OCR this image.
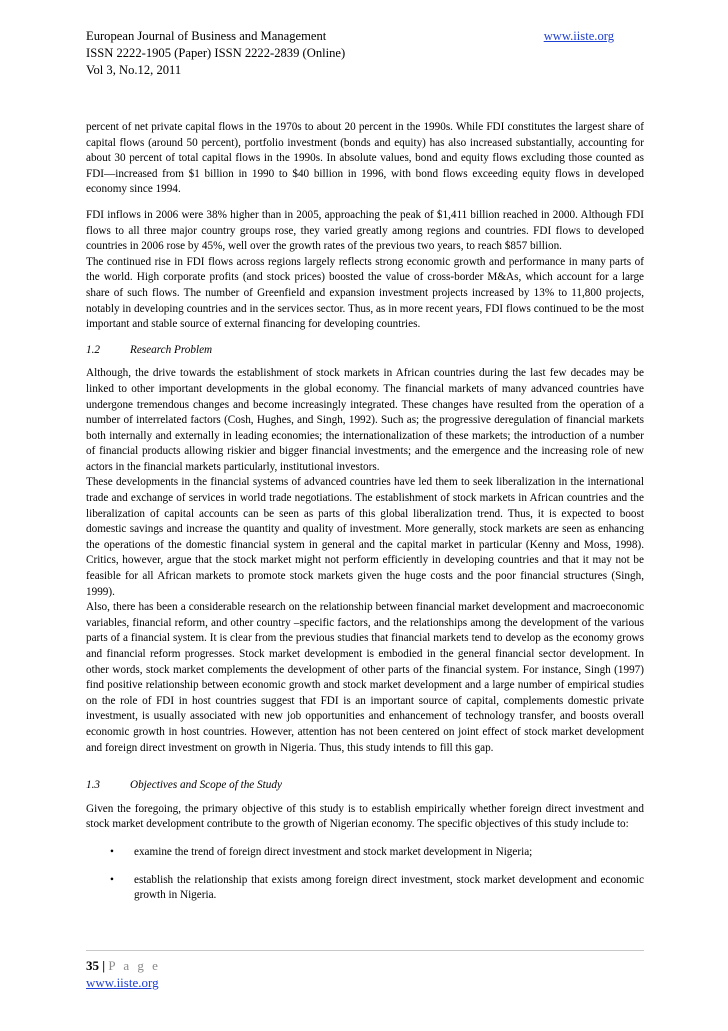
European Journal of Business and Management	www.iiste.org
ISSN 2222-1905 (Paper) ISSN 2222-2839 (Online)
Vol 3, No.12, 2011

percent of net private capital flows in the 1970s to about 20 percent in the 1990s. While FDI constitutes the largest share of capital flows (around 50 percent), portfolio investment (bonds and equity) has also increased substantially, accounting for about 30 percent of total capital flows in the 1990s. In absolute values, bond and equity flows excluding those counted as FDI—increased from $1 billion in 1990 to $40 billion in 1996, with bond flows exceeding equity flows in developed economy since 1994.

FDI inflows in 2006 were 38% higher than in 2005, approaching the peak of $1,411 billion reached in 2000. Although FDI flows to all three major country groups rose, they varied greatly among regions and countries. FDI flows to developed countries in 2006 rose by 45%, well over the growth rates of the previous two years, to reach $857 billion.

The continued rise in FDI flows across regions largely reflects strong economic growth and performance in many parts of the world. High corporate profits (and stock prices) boosted the value of cross-border M&As, which account for a large share of such flows. The number of Greenfield and expansion investment projects increased by 13% to 11,800 projects, notably in developing countries and in the services sector. Thus, as in more recent years, FDI flows continued to be the most important and stable source of external financing for developing countries.

1.2	Research Problem

Although, the drive towards the establishment of stock markets in African countries during the last few decades may be linked to other important developments in the global economy. The financial markets of many advanced countries have undergone tremendous changes and become increasingly integrated. These changes have resulted from the operation of a number of interrelated factors (Cosh, Hughes, and Singh, 1992). Such as; the progressive deregulation of financial markets both internally and externally in leading economies; the internationalization of these markets; the introduction of a number of financial products allowing riskier and bigger financial investments; and the emergence and the increasing role of new actors in the financial markets particularly, institutional investors.

These developments in the financial systems of advanced countries have led them to seek liberalization in the international trade and exchange of services in world trade negotiations. The establishment of stock markets in African countries and the liberalization of capital accounts can be seen as parts of this global liberalization trend. Thus, it is expected to boost domestic savings and increase the quantity and quality of investment. More generally, stock markets are seen as enhancing the operations of the domestic financial system in general and the capital market in particular (Kenny and Moss, 1998). Critics, however, argue that the stock market might not perform efficiently in developing countries and that it may not be feasible for all African markets to promote stock markets given the huge costs and the poor financial structures (Singh, 1999).

Also, there has been a considerable research on the relationship between financial market development and macroeconomic variables, financial reform, and other country –specific factors, and the relationships among the development of the various parts of a financial system. It is clear from the previous studies that financial markets tend to develop as the economy grows and financial reform progresses. Stock market development is embodied in the general financial sector development. In other words, stock market complements the development of other parts of the financial system. For instance, Singh (1997) find positive relationship between economic growth and stock market development and a large number of empirical studies on the role of FDI in host countries suggest that FDI is an important source of capital, complements domestic private investment, is usually associated with new job opportunities and enhancement of technology transfer, and boosts overall economic growth in host countries. However, attention has not been centered on joint effect of stock market development and foreign direct investment on growth in Nigeria. Thus, this study intends to fill this gap.

1.3	Objectives and Scope of the Study

Given the foregoing, the primary objective of this study is to establish empirically whether foreign direct investment and stock market development contribute to the growth of Nigerian economy. The specific objectives of this study include to:

• examine the trend of foreign direct investment and stock market development in Nigeria;
• establish the relationship that exists among foreign direct investment, stock market development and economic growth in Nigeria.
35 | P a g e
www.iiste.org
